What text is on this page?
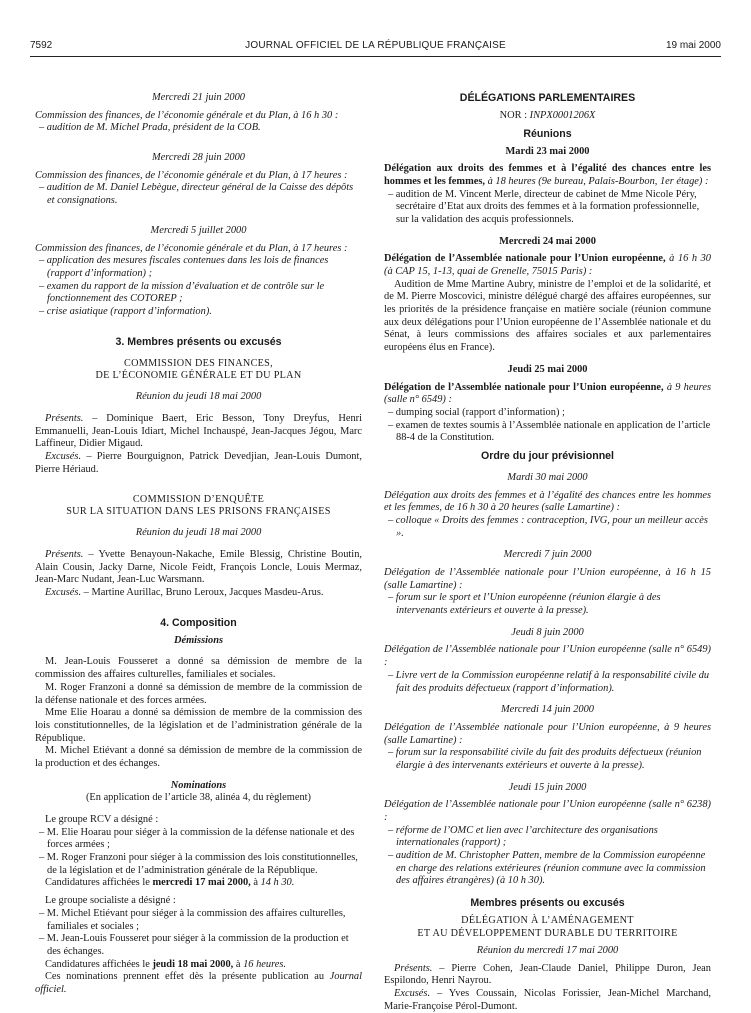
7592	JOURNAL OFFICIEL DE LA RÉPUBLIQUE FRANÇAISE	19 mai 2000

Mercredi 21 juin 2000

Commission des finances, de l’économie générale et du Plan, à 16 h 30 :

– audition de M. Michel Prada, président de la COB.

Mercredi 28 juin 2000

Commission des finances, de l’économie générale et du Plan, à 17 heures :

– audition de M. Daniel Lebègue, directeur général de la Caisse des dépôts et consignations.

Mercredi 5 juillet 2000

Commission des finances, de l’économie générale et du Plan, à 17 heures :

– application des mesures fiscales contenues dans les lois de finances (rapport d’information) ;

– examen du rapport de la mission d’évaluation et de contrôle sur le fonctionnement des COTOREP ;

– crise asiatique (rapport d’information).

3. Membres présents ou excusés

COMMISSION DES FINANCES,

DE L’ÉCONOMIE GÉNÉRALE ET DU PLAN

Réunion du jeudi 18 mai 2000

Présents. – Dominique Baert, Eric Besson, Tony Dreyfus, Henri Emmanuelli, Jean-Louis Idiart, Michel Inchauspé, Jean-Jacques Jégou, Marc Laffineur, Didier Migaud.

Excusés. – Pierre Bourguignon, Patrick Devedjian, Jean-Louis Dumont, Pierre Hériaud.

COMMISSION D’ENQUÊTE

SUR LA SITUATION DANS LES PRISONS FRANÇAISES

Réunion du jeudi 18 mai 2000

Présents. – Yvette Benayoun-Nakache, Emile Blessig, Christine Boutin, Alain Cousin, Jacky Darne, Nicole Feidt, François Loncle, Louis Mermaz, Jean-Marc Nudant, Jean-Luc Warsmann.

Excusés. – Martine Aurillac, Bruno Leroux, Jacques Masdeu-Arus.

4. Composition

Démissions

M. Jean-Louis Fousseret a donné sa démission de membre de la commission des affaires culturelles, familiales et sociales.

M. Roger Franzoni a donné sa démission de membre de la commission de la défense nationale et des forces armées.

Mme Elie Hoarau a donné sa démission de membre de la commission des lois constitutionnelles, de la législation et de l’administration générale de la République.

M. Michel Etiévant a donné sa démission de membre de la commission de la production et des échanges.

Nominations

(En application de l’article 38, alinéa 4, du règlement)

Le groupe RCV a désigné :

– M. Elie Hoarau pour siéger à la commission de la défense nationale et des forces armées ;

– M. Roger Franzoni pour siéger à la commission des lois constitutionnelles, de la législation et de l’administration générale de la République.

Candidatures affichées le mercredi 17 mai 2000, à 14 h 30.

Le groupe socialiste a désigné :

– M. Michel Etiévant pour siéger à la commission des affaires culturelles, familiales et sociales ;

– M. Jean-Louis Fousseret pour siéger à la commission de la production et des échanges.

Candidatures affichées le jeudi 18 mai 2000, à 16 heures.

Ces nominations prennent effet dès la présente publication au Journal officiel.

DÉLÉGATIONS PARLEMENTAIRES

NOR : INPX0001206X

Réunions

Mardi 23 mai 2000

Délégation aux droits des femmes et à l’égalité des chances entre les hommes et les femmes, à 18 heures (9e bureau, Palais-Bourbon, 1er étage) :

– audition de M. Vincent Merle, directeur de cabinet de Mme Nicole Péry, secrétaire d’Etat aux droits des femmes et à la formation professionnelle, sur la validation des acquis professionnels.

Mercredi 24 mai 2000

Délégation de l’Assemblée nationale pour l’Union européenne, à 16 h 30 (à CAP 15, 1-13, quai de Grenelle, 75015 Paris) :

Audition de Mme Martine Aubry, ministre de l’emploi et de la solidarité, et de M. Pierre Moscovici, ministre délégué chargé des affaires européennes, sur les priorités de la présidence française en matière sociale (réunion commune aux deux délégations pour l’Union européenne de l’Assemblée nationale et du Sénat, à leurs commissions des affaires sociales et aux parlementaires européens élus en France).

Jeudi 25 mai 2000

Délégation de l’Assemblée nationale pour l’Union européenne, à 9 heures (salle n° 6549) :

– dumping social (rapport d’information) ;

– examen de textes soumis à l’Assemblée nationale en application de l’article 88-4 de la Constitution.

Ordre du jour prévisionnel

Mardi 30 mai 2000

Délégation aux droits des femmes et à l’égalité des chances entre les hommes et les femmes, de 16 h 30 à 20 heures (salle Lamartine) :

– colloque « Droits des femmes : contraception, IVG, pour un meilleur accès ».

Mercredi 7 juin 2000

Délégation de l’Assemblée nationale pour l’Union européenne, à 16 h 15 (salle Lamartine) :

– forum sur le sport et l’Union européenne (réunion élargie à des intervenants extérieurs et ouverte à la presse).

Jeudi 8 juin 2000

Délégation de l’Assemblée nationale pour l’Union européenne (salle n° 6549) :

– Livre vert de la Commission européenne relatif à la responsabilité civile du fait des produits défectueux (rapport d’information).

Mercredi 14 juin 2000

Délégation de l’Assemblée nationale pour l’Union européenne, à 9 heures (salle Lamartine) :

– forum sur la responsabilité civile du fait des produits défectueux (réunion élargie à des intervenants extérieurs et ouverte à la presse).

Jeudi 15 juin 2000

Délégation de l’Assemblée nationale pour l’Union européenne (salle n° 6238) :

– réforme de l’OMC et lien avec l’architecture des organisations internationales (rapport) ;

– audition de M. Christopher Patten, membre de la Commission européenne en charge des relations extérieures (réunion commune avec la commission des affaires étrangères) (à 10 h 30).

Membres présents ou excusés

DÉLÉGATION À L’AMÉNAGEMENT

ET AU DÉVELOPPEMENT DURABLE DU TERRITOIRE

Réunion du mercredi 17 mai 2000

Présents. – Pierre Cohen, Jean-Claude Daniel, Philippe Duron, Jean Espilondo, Henri Nayrou.

Excusés. – Yves Coussain, Nicolas Forissier, Jean-Michel Marchand, Marie-Françoise Pérol-Dumont.
